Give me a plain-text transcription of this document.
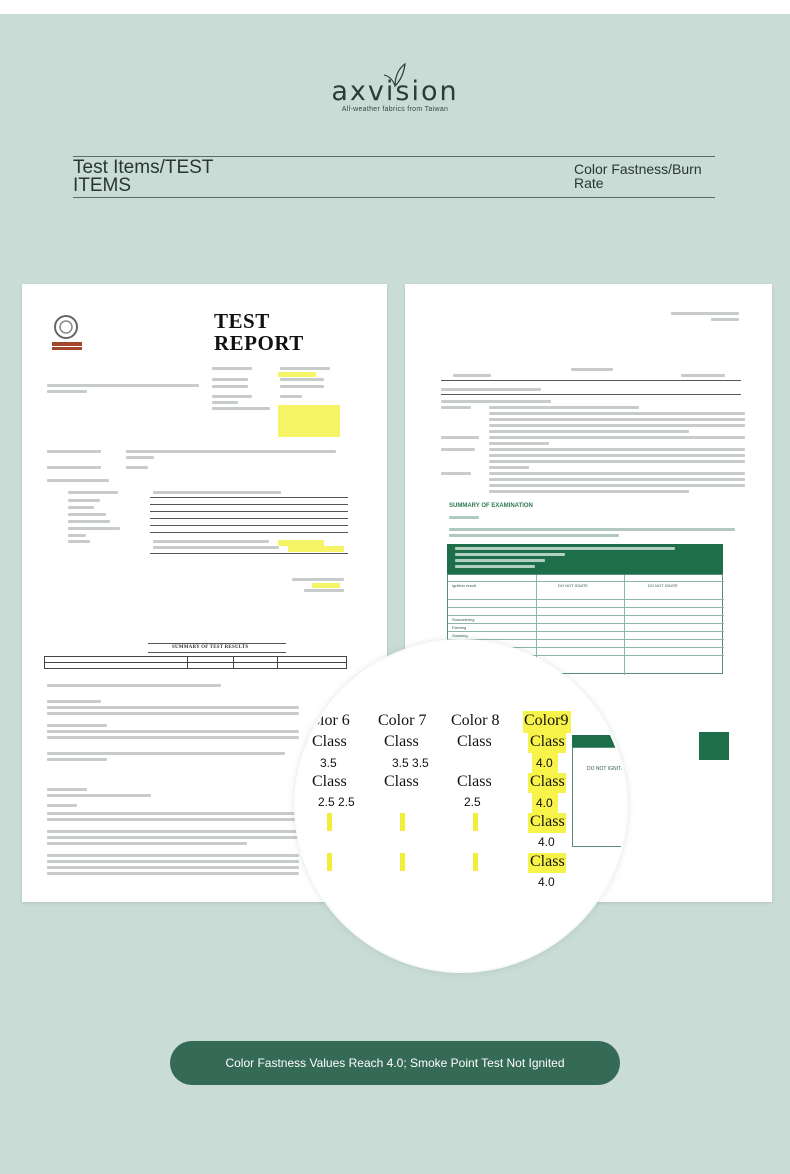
axvision
All-weather fabrics from Taiwan
Test Items/TEST ITEMS
Color Fastness/Burn Rate
TEST
REPORT
SUMMARY OF TEST RESULTS
SUMMARY OF EXAMINATION
Ignition result	DO NOT IGNITE	DO NOT IGNITE
Smouldering
Flaming
Smoking
olor 6
Class
3.5
Class
2.5 2.5
Color 7
Class
3.5 3.5
Class
Color 8
Class
Class
2.5
Color9
Class
4.0
Class
4.0
Class
4.0
Class
4.0
DO NOT IGNITE
Color Fastness Values Reach 4.0; Smoke Point Test Not Ignited
